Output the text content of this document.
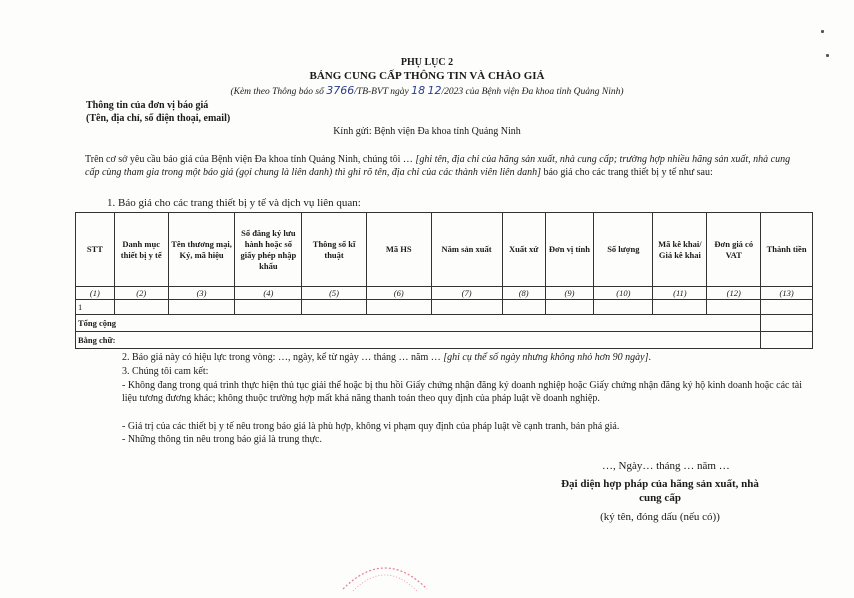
PHỤ LỤC 2
BẢNG CUNG CẤP THÔNG TIN VÀ CHÀO GIÁ
(Kèm theo Thông báo số 3766/TB-BVT ngày 18 12/2023 của Bệnh viện Đa khoa tỉnh Quảng Ninh)
Thông tin của đơn vị báo giá
(Tên, địa chỉ, số điện thoại, email)
Kính gửi: Bệnh viện Đa khoa tỉnh Quảng Ninh
Trên cơ sở yêu cầu báo giá của Bệnh viện Đa khoa tỉnh Quảng Ninh, chúng tôi … [ghi tên, địa chỉ của hãng sản xuất, nhà cung cấp; trường hợp nhiều hãng sản xuất, nhà cung cấp cùng tham gia trong một báo giá (gọi chung là liên danh) thì ghi rõ tên, địa chỉ của các thành viên liên danh] báo giá cho các trang thiết bị y tế như sau:
1. Báo giá cho các trang thiết bị y tế và dịch vụ liên quan:
STT	Danh mục thiết bị y tế	Tên thương mại, Ký, mã hiệu	Số đăng ký lưu hành hoặc số giấy phép nhập khẩu	Thông số kĩ thuật	Mã HS	Năm sản xuất	Xuất xứ	Đơn vị tính	Số lượng	Mã kê khai/ Giá kê khai	Đơn giá có VAT	Thành tiền
(1)	(2)	(3)	(4)	(5)	(6)	(7)	(8)	(9)	(10)	(11)	(12)	(13)
1												
Tổng cộng												
Bằng chữ:												
2. Báo giá này có hiệu lực trong vòng: …, ngày, kể từ ngày … tháng … năm … [ghi cụ thể số ngày nhưng không nhỏ hơn 90 ngày].
3. Chúng tôi cam kết:
- Không đang trong quá trình thực hiện thủ tục giải thể hoặc bị thu hồi Giấy chứng nhận đăng ký doanh nghiệp hoặc Giấy chứng nhận đăng ký hộ kinh doanh hoặc các tài liệu tương đương khác; không thuộc trường hợp mất khả năng thanh toán theo quy định của pháp luật về doanh nghiệp.
- Giá trị của các thiết bị y tế nêu trong báo giá là phù hợp, không vi phạm quy định của pháp luật về cạnh tranh, bán phá giá.
- Những thông tin nêu trong báo giá là trung thực.
…, Ngày… tháng … năm …
Đại diện hợp pháp của hãng sản xuất, nhà
cung cấp
(ký tên, đóng dấu (nếu có))
